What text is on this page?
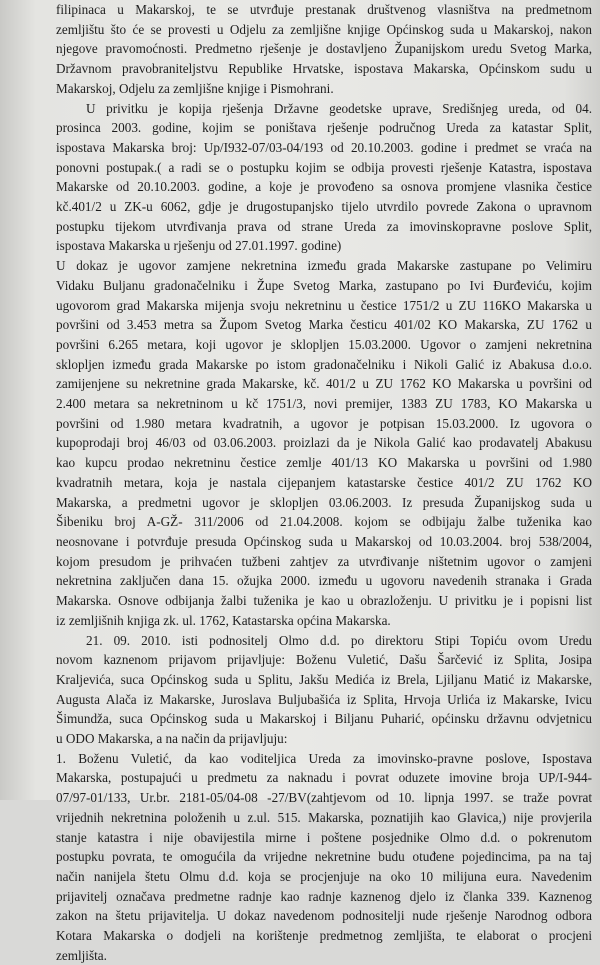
filipinaca u Makarskoj, te se utvrđuje prestanak društvenog vlasništva na predmetnom
zemljištu što će se provesti u Odjelu za zemljišne knjige Općinskog suda u Makarskoj, nakon
njegove pravomoćnosti. Predmetno rješenje je dostavljeno Županijskom uredu Svetog Marka,
Državnom pravobraniteljstvu Republike Hrvatske, ispostava Makarska, Općinskom sudu u
Makarskoj, Odjelu za zemljišne knjige i Pismohrani.
U privitku je kopija rješenja Državne geodetske uprave, Središnjeg ureda, od 04.
prosinca 2003. godine, kojim se poništava rješenje područnog Ureda za katastar Split,
ispostava Makarska broj: Up/I932-07/03-04/193 od 20.10.2003. godine i predmet se vraća na
ponovni postupak.( a radi se o postupku kojim se odbija provesti rješenje Katastra, ispostava
Makarske od 20.10.2003. godine, a koje je provođeno sa osnova promjene vlasnika čestice
kč.401/2 u ZK-u 6062, gdje je drugostupanjsko tijelo utvrdilo povrede Zakona o upravnom
postupku tijekom utvrđivanja prava od strane Ureda za imovinskopravne poslove Split,
ispostava Makarska u rješenju od 27.01.1997. godine)
U dokaz je ugovor zamjene nekretnina između grada Makarske zastupane po Velimiru
Vidaku Buljanu gradonačelniku i Župe Svetog Marka, zastupano po Ivi Đurđeviću, kojim
ugovorom grad Makarska mijenja svoju nekretninu u čestice 1751/2 u ZU 116KO Makarska u
površini od 3.453 metra sa Župom Svetog Marka česticu 401/02 KO Makarska, ZU 1762 u
površini 6.265 metara, koji ugovor je sklopljen 15.03.2000. Ugovor o zamjeni nekretnina
sklopljen između grada Makarske po istom gradonačelniku i Nikoli Galić iz Abakusa d.o.o.
zamijenjene su nekretnine grada Makarske, kč. 401/2 u ZU 1762 KO Makarska u površini od
2.400 metara sa nekretninom u kč 1751/3, novi premijer, 1383 ZU 1783, KO Makarska u
površini od 1.980 metara kvadratnih, a ugovor je potpisan 15.03.2000. Iz ugovora o
kupoprodaji broj 46/03 od 03.06.2003. proizlazi da je Nikola Galić kao prodavatelj Abakusu
kao kupcu prodao nekretninu čestice zemlje 401/13 KO Makarska u površini od 1.980
kvadratnih metara, koja je nastala cijepanjem katastarske čestice 401/2 ZU 1762 KO
Makarska, a predmetni ugovor je sklopljen 03.06.2003. Iz presuda Županijskog suda u
Šibeniku broj A-GŽ- 311/2006 od 21.04.2008. kojom se odbijaju žalbe tuženika kao
neosnovane i potvrđuje presuda Općinskog suda u Makarskoj od 10.03.2004. broj 538/2004,
kojom presudom je prihvaćen tužbeni zahtjev za utvrđivanje ništetnim ugovor o zamjeni
nekretnina zaključen dana 15. ožujka 2000. između u ugovoru navedenih stranaka i Grada
Makarska. Osnove odbijanja žalbi tuženika je kao u obrazloženju. U privitku je i popisni list
iz zemljišnih knjiga zk. ul. 1762, Katastarska općina Makarska.
21. 09. 2010. isti podnositelj Olmo d.d. po direktoru Stipi Topiću ovom Uredu
novom kaznenom prijavom prijavljuje: Boženu Vuletić, Dašu Šarčević iz Splita, Josipa
Kraljevića, suca Općinskog suda u Splitu, Jakšu Medića iz Brela, Ljiljanu Matić iz Makarske,
Augusta Alača iz Makarske, Juroslava Buljubašića iz Splita, Hrvoja Urlića iz Makarske, Ivicu
Šimundža, suca Općinskog suda u Makarskoj i Biljanu Puharić, općinsku državnu odvjetnicu
u ODO Makarska, a na način da prijavljuju:
1. Boženu Vuletić, da kao voditeljica Ureda za imovinsko-pravne poslove, Ispostava
Makarska, postupajući u predmetu za naknadu i povrat oduzete imovine broja UP/I-944-
07/97-01/133, Ur.br. 2181-05/04-08 -27/BV(zahtjevom od 10. lipnja 1997. se traže povrat
vrijednih nekretnina položenih u z.ul. 515. Makarska, poznatijih kao Glavica,) nije provjerila
stanje katastra i nije obavijestila mirne i poštene posjednike Olmo d.d. o pokrenutom
postupku povrata, te omogućila da vrijedne nekretnine budu otuđene pojedincima, pa na taj
način nanijela štetu Olmu d.d. koja se procjenjuje na oko 10 milijuna eura. Navedenim
prijavitelj označava predmetne radnje kao radnje kaznenog djelo iz članka 339. Kaznenog
zakon na štetu prijavitelja. U dokaz navedenom podnositelji nude rješenje Narodnog odbora
Kotara Makarska o dodjeli na korištenje predmetnog zemljišta, te elaborat o procjeni
zemljišta.
